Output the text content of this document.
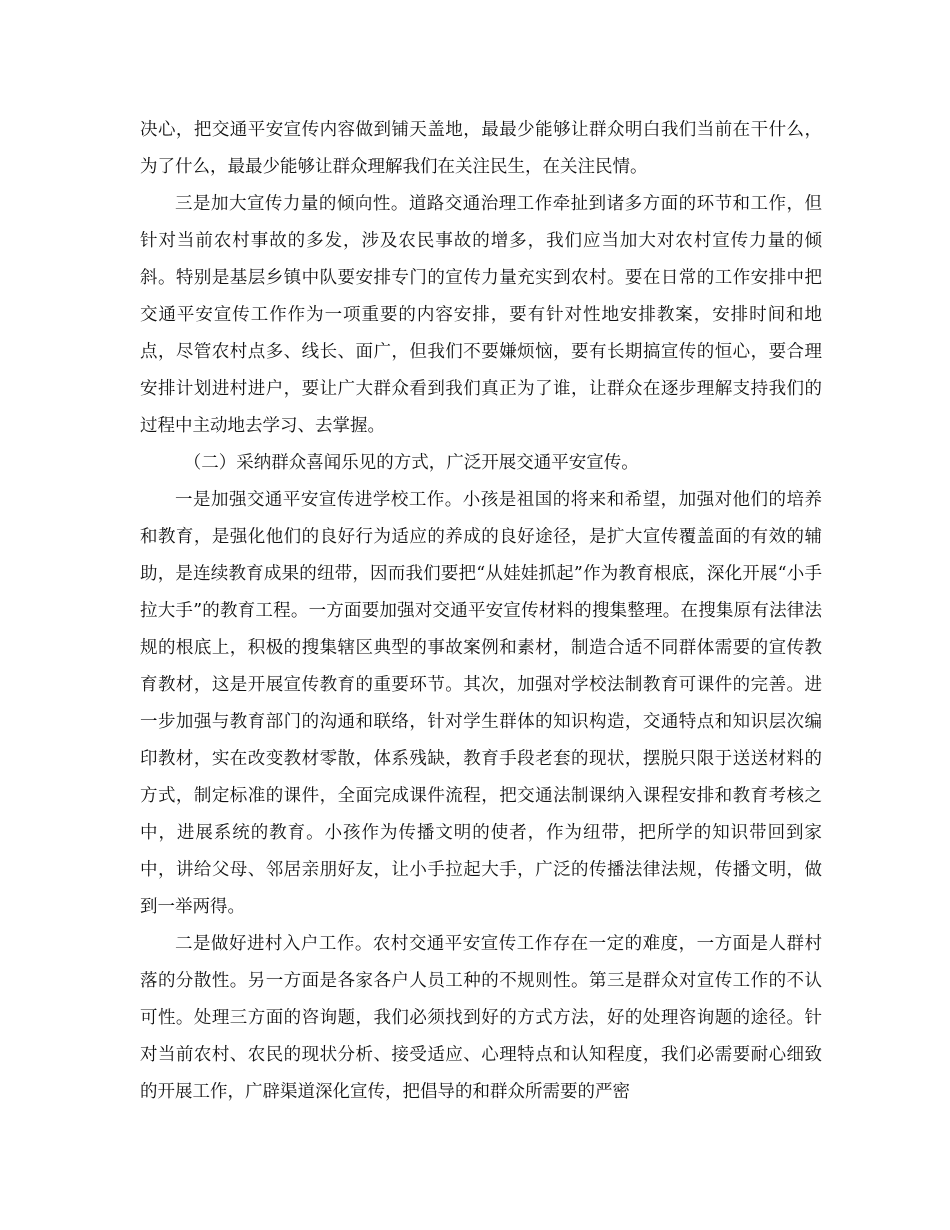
决心，把交通平安宣传内容做到铺天盖地，最最少能够让群众明白我们当前在干什么，为了什么，最最少能够让群众理解我们在关注民生，在关注民情。

三是加大宣传力量的倾向性。道路交通治理工作牵扯到诸多方面的环节和工作，但针对当前农村事故的多发，涉及农民事故的增多，我们应当加大对农村宣传力量的倾斜。特别是基层乡镇中队要安排专门的宣传力量充实到农村。要在日常的工作安排中把交通平安宣传工作作为一项重要的内容安排，要有针对性地安排教案，安排时间和地点，尽管农村点多、线长、面广，但我们不要嫌烦恼，要有长期搞宣传的恒心，要合理安排计划进村进户，要让广大群众看到我们真正为了谁，让群众在逐步理解支持我们的过程中主动地去学习、去掌握。

（二）采纳群众喜闻乐见的方式，广泛开展交通平安宣传。

一是加强交通平安宣传进学校工作。小孩是祖国的将来和希望，加强对他们的培养和教育，是强化他们的良好行为适应的养成的良好途径，是扩大宣传覆盖面的有效的辅助，是连续教育成果的纽带，因而我们要把“从娃娃抓起”作为教育根底，深化开展“小手拉大手”的教育工程。一方面要加强对交通平安宣传材料的搜集整理。在搜集原有法律法规的根底上，积极的搜集辖区典型的事故案例和素材，制造合适不同群体需要的宣传教育教材，这是开展宣传教育的重要环节。其次，加强对学校法制教育可课件的完善。进一步加强与教育部门的沟通和联络，针对学生群体的知识构造，交通特点和知识层次编印教材，实在改变教材零散，体系残缺，教育手段老套的现状，摆脱只限于送送材料的方式，制定标准的课件，全面完成课件流程，把交通法制课纳入课程安排和教育考核之中，进展系统的教育。小孩作为传播文明的使者，作为纽带，把所学的知识带回到家中，讲给父母、邻居亲朋好友，让小手拉起大手，广泛的传播法律法规，传播文明，做到一举两得。

二是做好进村入户工作。农村交通平安宣传工作存在一定的难度，一方面是人群村落的分散性。另一方面是各家各户人员工种的不规则性。第三是群众对宣传工作的不认可性。处理三方面的咨询题，我们必须找到好的方式方法，好的处理咨询题的途径。针对当前农村、农民的现状分析、接受适应、心理特点和认知程度，我们必需要耐心细致的开展工作，广辟渠道深化宣传，把倡导的和群众所需要的严密
